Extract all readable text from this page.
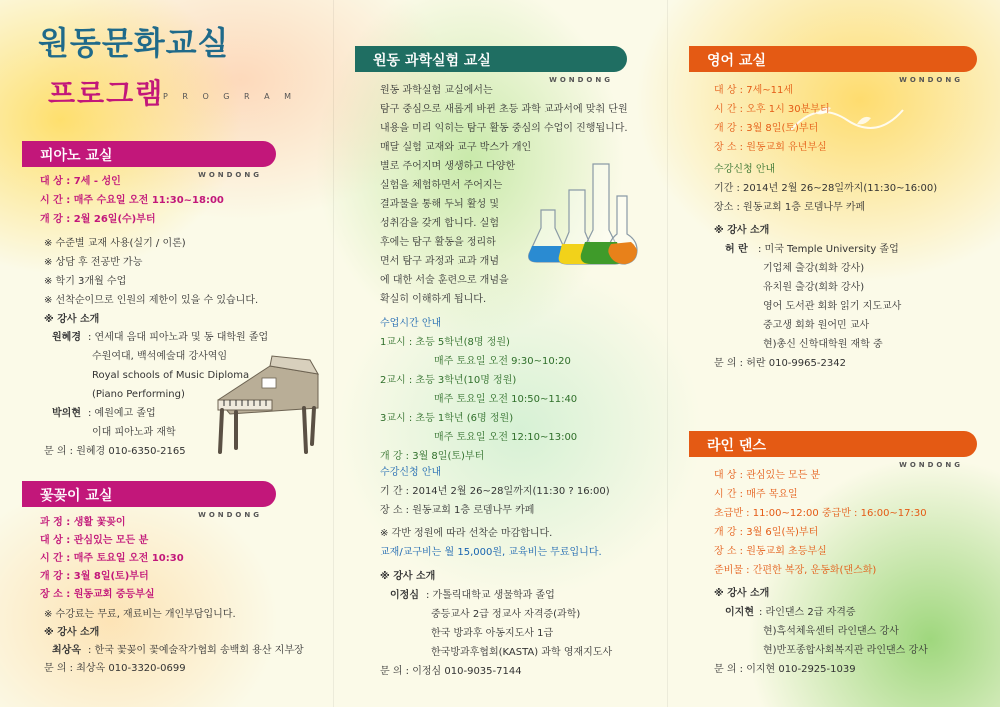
원동문화교실
프로그램
P R O G R A M
피아노 교실
WONDONG
대 상 : 7세 - 성인
시 간 : 매주 수요일 오전 11:30~18:00
개 강 : 2월 26일(수)부터
※ 수준별 교재 사용(실기 / 이론)
※ 상담 후 전공반 가능
※ 학기 3개월 수업
※ 선착순이므로 인원의 제한이 있을 수 있습니다.
※ 강사 소개
원혜경 : 연세대 음대 피아노과 및 동 대학원 졸업
수원여대, 백석예술대 강사역임
Royal schools of Music Diploma
(Piano Performing)
박의현 : 예원예고 졸업
이대 피아노과 재학
문 의 : 원혜경 010-6350-2165
꽃꽂이 교실
WONDONG
과 정 : 생활 꽃꽂이
대 상 : 관심있는 모든 분
시 간 : 매주 토요일 오전 10:30
개 강 : 3월 8일(토)부터
장 소 : 원동교회 중등부실
※ 수강료는 무료, 재료비는 개인부담입니다.
※ 강사 소개
최상옥 : 한국 꽃꽂이 꽃예술작가협회 송백회 용산 지부장
문 의 : 최상옥 010-3320-0699
원동 과학실험 교실
WONDONG
원동 과학실험 교실에서는
탐구 중심으로 새롭게 바뀐 초등 과학 교과서에 맞춰 단원
내용을 미리 익히는 탐구 활동 중심의 수업이 진행됩니다.
매달 실험 교재와 교구 박스가 개인
별로 주어지며 생생하고 다양한
실험을 체험하면서 주어지는
결과물을 통해 두뇌 활성 및
성취감을 갖게 합니다. 실험
후에는 탐구 활동을 정리하
면서 탐구 과정과 교과 개념
에 대한 서술 훈련으로 개념을
확실히 이해하게 됩니다.
수업시간 안내
1교시 : 초등 5학년(8명 정원)
매주 토요일 오전 9:30~10:20
2교시 : 초등 3학년(10명 정원)
매주 토요일 오전 10:50~11:40
3교시 : 초등 1학년 (6명 정원)
매주 토요일 오전 12:10~13:00
개 강 : 3월 8일(토)부터
수강신청 안내
기 간 : 2014년 2월 26~28일까지(11:30 ? 16:00)
장 소 : 원동교회 1층 로뎀나무 카페
※ 각반 정원에 따라 선착순 마감합니다.
교재/교구비는 월 15,000원, 교육비는 무료입니다.
※ 강사 소개
이정심 : 가톨릭대학교 생물학과 졸업
중등교사 2급 정교사 자격증(과학)
한국 방과후 아동지도사 1급
한국방과후협회(KASTA) 과학 영재지도사
문 의 : 이정심 010-9035-7144
영어 교실
WONDONG
대 상 : 7세~11세
시 간 : 오후 1시 30분부터
개 강 : 3월 8일(토)부터
장 소 : 원동교회 유년부실
수강신청 안내
기간 : 2014년 2월 26~28일까지(11:30~16:00)
장소 : 원동교회 1층 로뎀나무 카페
※ 강사 소개
허 란 : 미국 Temple University 졸업
기업체 출강(회화 강사)
유치원 출강(회화 강사)
영어 도서관 회화 읽기 지도교사
중고생 회화 원어민 교사
현)총신 신학대학원 재학 중
문 의 : 허란 010-9965-2342
라인 댄스
WONDONG
대 상 : 관심있는 모든 분
시 간 : 매주 목요일
초급반 : 11:00~12:00 중급반 : 16:00~17:30
개 강 : 3월 6일(목)부터
장 소 : 원동교회 초등부실
준비물 : 간편한 복장, 운동화(댄스화)
※ 강사 소개
이지현 : 라인댄스 2급 자격증
현)흑석체육센터 라인댄스 강사
현)반포종합사회복지관 라인댄스 강사
문 의 : 이지현 010-2925-1039
